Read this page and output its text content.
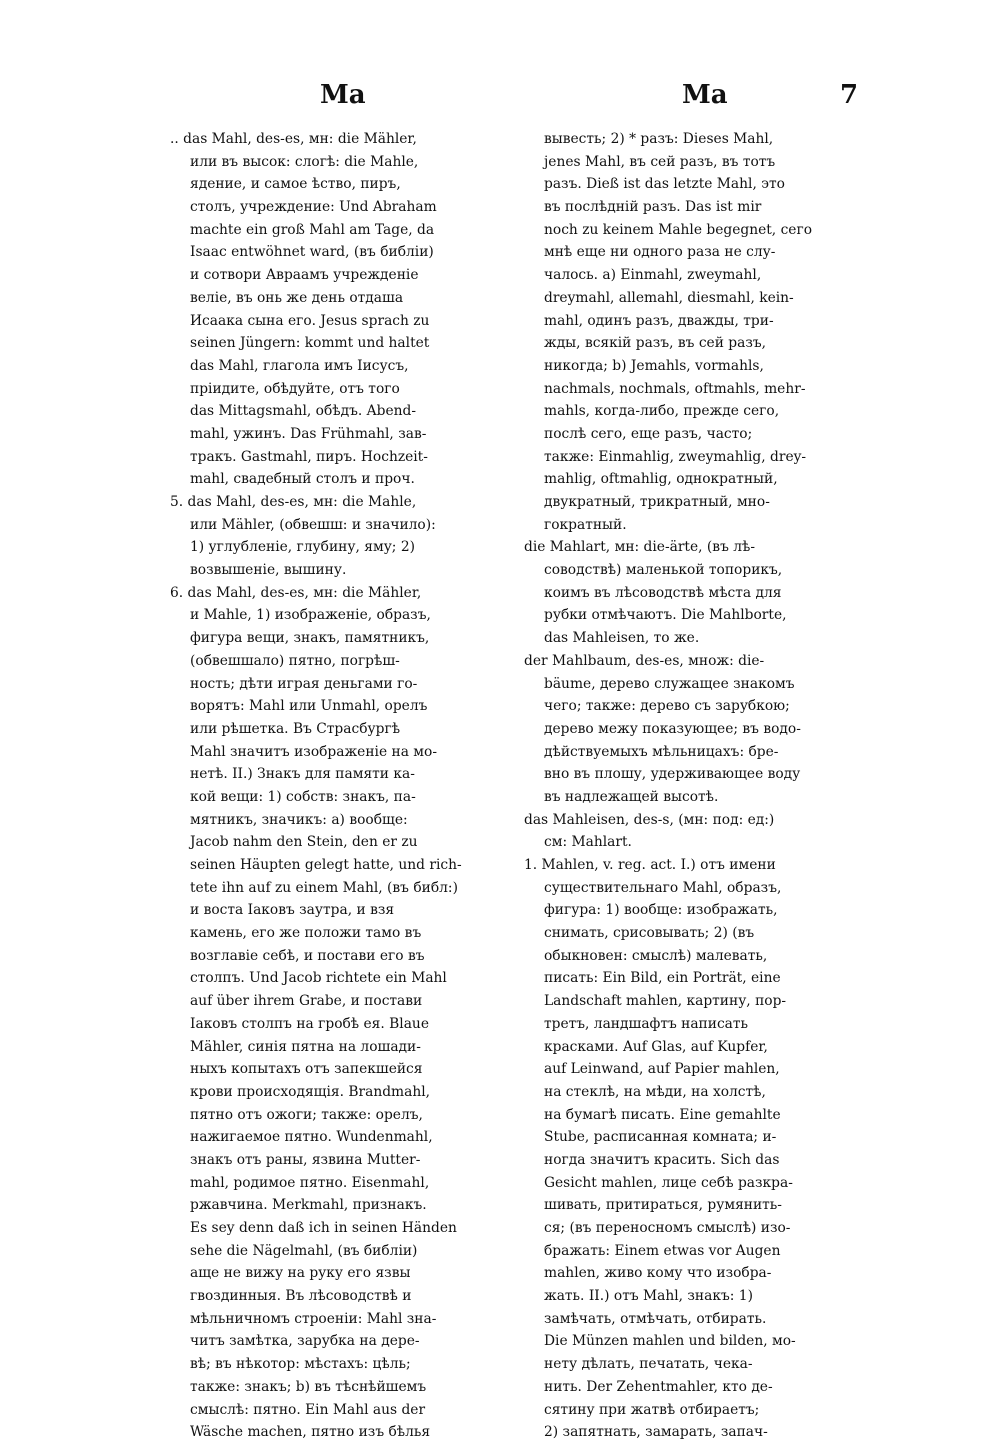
Ma	Ma	7
.. das Mahl, des-es, мн: die Mähler,
или въ высок: слогѣ: die Mahle,
ядение, и самое ѣство, пиръ,
столъ, учреждение: Und Abraham
machte ein groß Mahl am Tage, da
Isaac entwöhnet ward, (въ библiи)
и сотвори Авраамъ учрежденiе
велiе, въ онь же день отдаша
Исаака сына его. Jesus sprach zu
seinen Jüngern: kommt und haltet
das Mahl, глагола имъ Iисусъ,
прiидите, обѣдуйте, отъ того
das Mittagsmahl, обѣдъ. Abend-
mahl, ужинъ. Das Frühmahl, зав-
тракъ. Gastmahl, пиръ. Hochzeit-
mahl, свадебный столъ и проч.
5. das Mahl, des-es, мн: die Mahle,
или Mähler, (обвешш: и значило):
1) углубленiе, глубину, яму; 2)
возвышенiе, вышину.
6. das Mahl, des-es, мн: die Mähler,
и Mahle, 1) изображенiе, образъ,
фигура вещи, знакъ, памятникъ,
(обвешшало) пятно, погрѣш-
ность; дѣти играя деньгами го-
ворятъ: Mahl или Unmahl, орелъ
или рѣшетка. Въ Страсбургѣ
Mahl значитъ изображенiе на мо-
нетѣ. II.) Знакъ для памяти ка-
кой вещи: 1) собств: знакъ, па-
мятникъ, значикъ: a) вообще:
Jacob nahm den Stein, den er zu
seinen Häupten gelegt hatte, und rich-
tete ihn auf zu einem Mahl, (въ библ:)
и воста Iаковъ заутра, и взя
камень, его же положи тамо въ
возглавiе себѣ, и постави его въ
столпъ. Und Jacob richtete ein Mahl
auf über ihrem Grabe, и постави
Iаковъ столпъ на гробѣ ея. Blaue
Mähler, синiя пятна на лошади-
ныхъ копытахъ отъ запекшейся
крови происходящiя. Brandmahl,
пятно отъ ожоги; также: орелъ,
нажигаемое пятно. Wundenmahl,
знакъ отъ раны, язвина Mutter-
mahl, родимое пятно. Eisenmahl,
ржавчина. Merkmahl, признакъ.
Es sey denn daß ich in seinen Händen
sehe die Nägelmahl, (въ библiи)
аще не вижу на руку его язвы
гвоздинныя. Въ лѣсоводствѣ и
мѣльничномъ строенiи: Mahl зна-
читъ замѣтка, зарубка на дере-
вѣ; въ нѣкотор: мѣстахъ: цѣль;
также: знакъ; b) въ тѣснѣйшемъ
смыслѣ: пятно. Ein Mahl aus der
Wäsche machen, пятно изъ бѣлья
вывесть; 2) * разъ: Dieses Mahl,
jenes Mahl, въ сей разъ, въ тотъ
разъ. Dieß ist das letzte Mahl, это
въ послѣднiй разъ. Das ist mir
noch zu keinem Mahle begegnet, сего
мнѣ еще ни одного раза не слу-
чалось. a) Einmahl, zweymahl,
dreymahl, allemahl, diesmahl, kein-
mahl, одинъ разъ, дважды, три-
жды, всякiй разъ, въ сей разъ,
никогда; b) Jemahls, vormahls,
nachmals, nochmals, oftmahls, mehr-
mahls, когда-либо, прежде сего,
послѣ сего, еще разъ, часто;
также: Einmahlig, zweymahlig, drey-
mahlig, oftmahlig, однократный,
двукратный, трикратный, мно-
гократный.
die Mahlart, мн: die-ärte, (въ лѣ-
соводствѣ) маленькой топорикъ,
коимъ въ лѣсоводствѣ мѣста для
рубки отмѣчаютъ. Die Mahlborte,
das Mahleisen, то же.
der Mahlbaum, des-es, множ: die-
bäume, дерево служащее знакомъ
чего; также: дерево съ зарубкою;
дерево межу показующее; въ водо-
дѣйствуемыхъ мѣльницахъ: бре-
вно въ плошу, удерживающее воду
въ надлежащей высотѣ.
das Mahleisen, des-s, (мн: под: ед:)
см: Mahlart.
1. Mahlen, v. reg. act. I.) отъ имени
существительнаго Mahl, образъ,
фигура: 1) вообще: изображать,
снимать, срисовывать; 2) (въ
обыкновен: смыслѣ) малевать,
писать: Ein Bild, ein Porträt, eine
Landschaft mahlen, картину, пор-
третъ, ландшафтъ написать
красками. Auf Glas, auf Kupfer,
auf Leinwand, auf Papier mahlen,
на стеклѣ, на мѣди, на холстѣ,
на бумагѣ писать. Eine gemahlte
Stube, расписанная комната; и-
ногда значитъ красить. Sich das
Gesicht mahlen, лице себѣ разкра-
шивать, притираться, румянить-
ся; (въ переносномъ смыслѣ) изо-
бражать: Einem etwas vor Augen
mahlen, живо кому что изобра-
жать. II.) отъ Mahl, знакъ: 1)
замѣчать, отмѣчать, отбирать.
Die Münzen mahlen und bilden, мо-
нету дѣлать, печатать, чека-
нить. Der Zehentmahler, кто де-
сятину при жатвѣ отбираетъ;
2) запятнать, замарать, запач-
